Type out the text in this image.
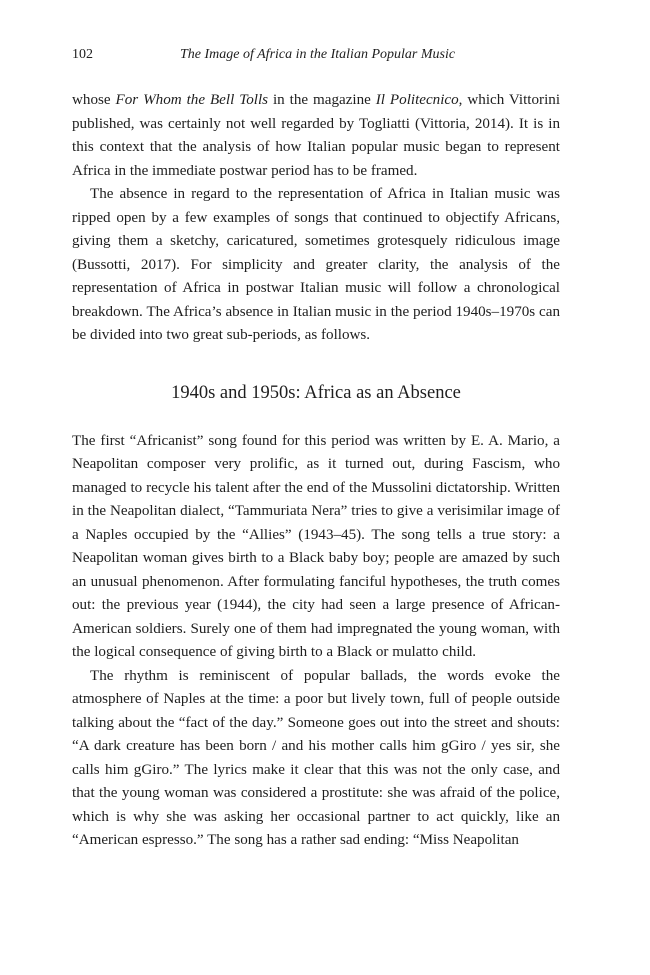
102	The Image of Africa in the Italian Popular Music

whose For Whom the Bell Tolls in the magazine Il Politecnico, which Vittorini published, was certainly not well regarded by Togliatti (Vittoria, 2014). It is in this context that the analysis of how Italian popular music began to represent Africa in the immediate postwar period has to be framed.

The absence in regard to the representation of Africa in Italian music was ripped open by a few examples of songs that continued to objectify Africans, giving them a sketchy, caricatured, sometimes grotesquely ridiculous image (Bussotti, 2017). For simplicity and greater clarity, the analysis of the representation of Africa in postwar Italian music will follow a chronological breakdown. The Africa’s absence in Italian music in the period 1940s–1970s can be divided into two great sub-periods, as follows.

1940s and 1950s: Africa as an Absence

The first “Africanist” song found for this period was written by E. A. Mario, a Neapolitan composer very prolific, as it turned out, during Fascism, who managed to recycle his talent after the end of the Mussolini dictatorship. Written in the Neapolitan dialect, “Tammuriata Nera” tries to give a verisimilar image of a Naples occupied by the “Allies” (1943–45). The song tells a true story: a Neapolitan woman gives birth to a Black baby boy; people are amazed by such an unusual phenomenon. After formulating fanciful hypotheses, the truth comes out: the previous year (1944), the city had seen a large presence of African-American soldiers. Surely one of them had impregnated the young woman, with the logical consequence of giving birth to a Black or mulatto child.

The rhythm is reminiscent of popular ballads, the words evoke the atmosphere of Naples at the time: a poor but lively town, full of people outside talking about the “fact of the day.” Someone goes out into the street and shouts: “A dark creature has been born / and his mother calls him gGiro / yes sir, she calls him gGiro.” The lyrics make it clear that this was not the only case, and that the young woman was considered a prostitute: she was afraid of the police, which is why she was asking her occasional partner to act quickly, like an “American espresso.” The song has a rather sad ending: “Miss Neapolitan
